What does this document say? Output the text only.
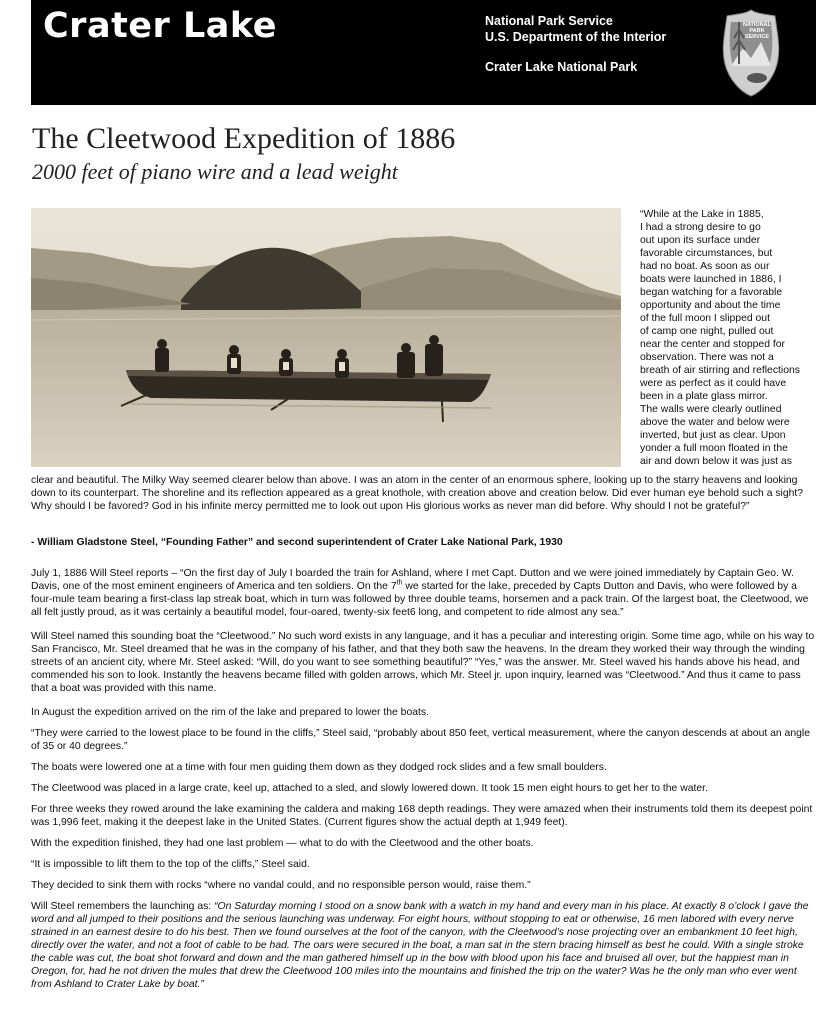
Crater Lake	National Park Service
U.S. Department of the Interior
Crater Lake National Park
NATIONAL
PARK
SERVICE
The Cleetwood Expedition of 1886
2000 feet of piano wire and a lead weight

“While at the Lake in 1885,

I had a strong desire to go

out upon its surface under

favorable circumstances, but

had no boat. As soon as our

boats were launched in 1886, I

began watching for a favorable

opportunity and about the time

of the full moon I slipped out

of camp one night, pulled out

near the center and stopped for

observation. There was not a

breath of air stirring and reflections

were as perfect as it could have

been in a plate glass mirror.

The walls were clearly outlined

above the water and below were

inverted, but just as clear. Upon

yonder a full moon floated in the

air and down below it was just as

clear and beautiful. The Milky Way seemed clearer below than above. I was an atom in the center of an enormous sphere, looking up to the starry heavens and looking down to its counterpart. The shoreline and its reflection appeared as a great knothole, with creation above and creation below. Did ever human eye behold such a sight? Why should I be favored? God in his infinite mercy permitted me to look out upon His glorious works as never man did before. Why should I not be grateful?”

- William Gladstone Steel, “Founding Father” and second superintendent of Crater Lake National Park, 1930

July 1, 1886 Will Steel reports – “On the first day of July I boarded the train for Ashland, where I met Capt. Dutton and we were joined immediately by Captain Geo. W. Davis, one of the most eminent engineers of America and ten soldiers. On the 7th we started for the lake, preceded by Capts Dutton and Davis, who were followed by a four-mule team bearing a first-class lap streak boat, which in turn was followed by three double teams, horsemen and a pack train. Of the largest boat, the Cleetwood, we all felt justly proud, as it was certainly a beautiful model, four-oared, twenty-six feet6 long, and competent to ride almost any sea.”

Will Steel named this sounding boat the “Cleetwood.” No such word exists in any language, and it has a peculiar and interesting origin. Some time ago, while on his way to San Francisco, Mr. Steel dreamed that he was in the company of his father, and that they both saw the heavens. In the dream they worked their way through the winding streets of an ancient city, where Mr. Steel asked: “Will, do you want to see something beautiful?” “Yes,” was the answer. Mr. Steel waved his hands above his head, and commended his son to look. Instantly the heavens became filled with golden arrows, which Mr. Steel jr. upon inquiry, learned was “Cleetwood.” And thus it came to pass that a boat was provided with this name.

In August the expedition arrived on the rim of the lake and prepared to lower the boats.

“They were carried to the lowest place to be found in the cliffs,” Steel said, “probably about 850 feet, vertical measurement, where the canyon descends at about an angle of 35 or 40 degrees.”

The boats were lowered one at a time with four men guiding them down as they dodged rock slides and a few small boulders.

The Cleetwood was placed in a large crate, keel up, attached to a sled, and slowly lowered down. It took 15 men eight hours to get her to the water.

For three weeks they rowed around the lake examining the caldera and making 168 depth readings. They were amazed when their instruments told them its deepest point was 1,996 feet, making it the deepest lake in the United States. (Current figures show the actual depth at 1,949 feet).

With the expedition finished, they had one last problem — what to do with the Cleetwood and the other boats.

“It is impossible to lift them to the top of the cliffs,” Steel said.

They decided to sink them with rocks “where no vandal could, and no responsible person would, raise them.”

Will Steel remembers the launching as: “On Saturday morning I stood on a snow bank with a watch in my hand and every man in his place. At exactly 8 o’clock I gave the word and all jumped to their positions and the serious launching was underway. For eight hours, without stopping to eat or otherwise, 16 men labored with every nerve strained in an earnest desire to do his best. Then we found ourselves at the foot of the canyon, with the Cleetwood’s nose projecting over an embankment 10 feet high, directly over the water, and not a foot of cable to be had. The oars were secured in the boat, a man sat in the stern bracing himself as best he could. With a single stroke the cable was cut, the boat shot forward and down and the man gathered himself up in the bow with blood upon his face and bruised all over, but the happiest man in Oregon, for, had he not driven the mules that drew the Cleetwood 100 miles into the mountains and finished the trip on the water? Was he the only man who ever went from Ashland to Crater Lake by boat.”
